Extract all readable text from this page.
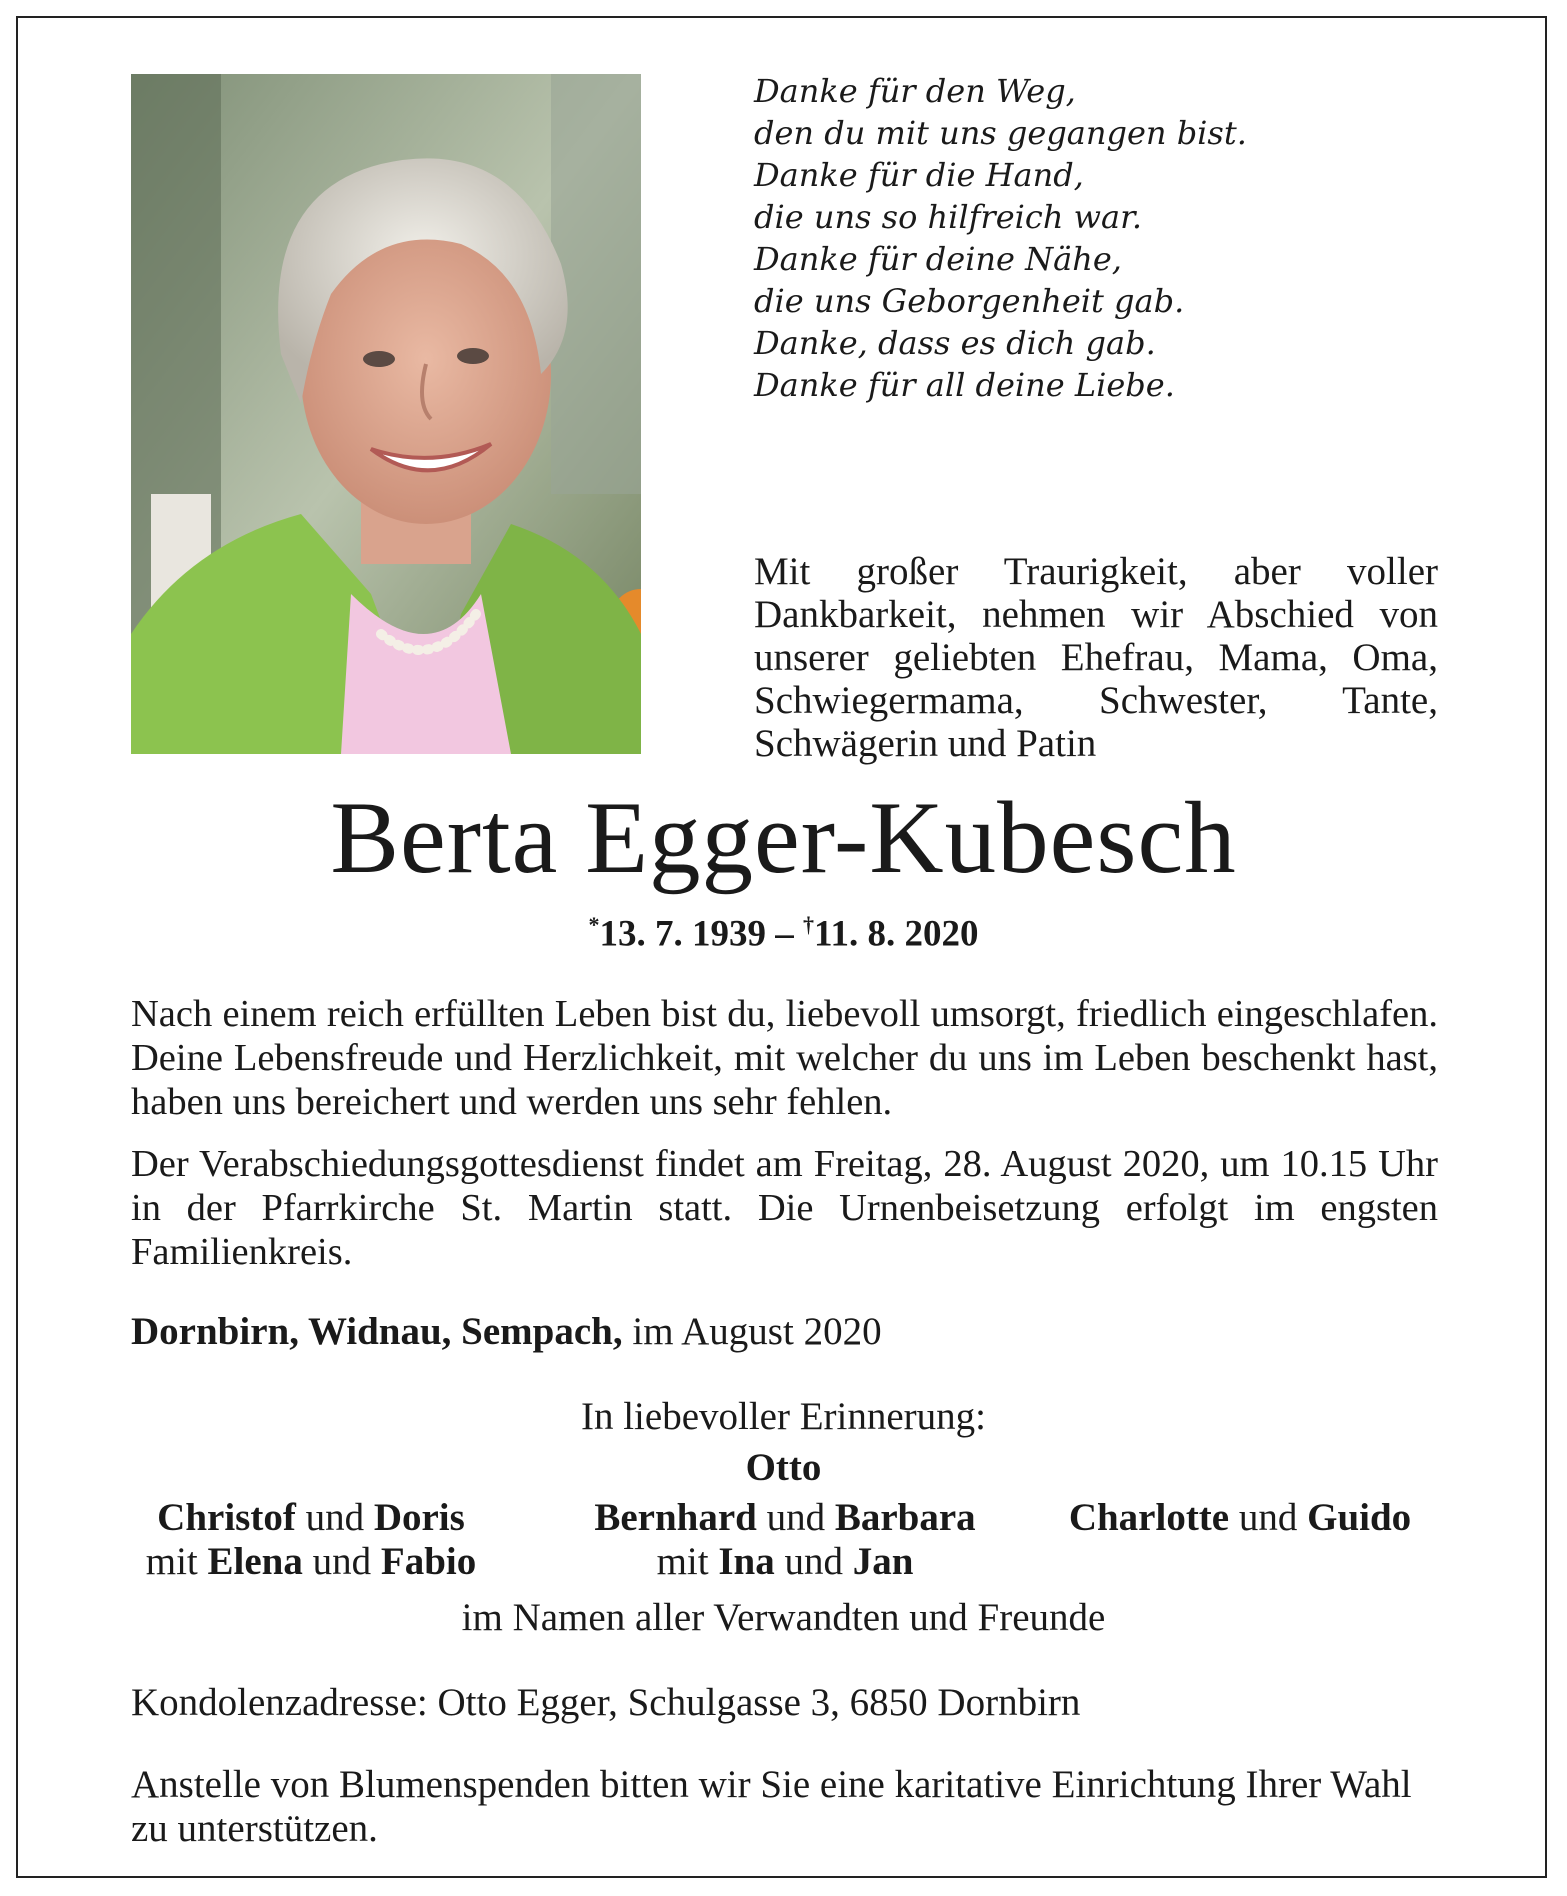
Danke für den Weg,
den du mit uns gegangen bist.
Danke für die Hand,
die uns so hilfreich war.
Danke für deine Nähe,
die uns Geborgenheit gab.
Danke, dass es dich gab.
Danke für all deine Liebe.
Mit großer Traurigkeit, aber voller Dankbarkeit, nehmen wir Abschied von unserer geliebten Ehefrau, Mama, Oma, Schwiegermama, Schwester, Tante, Schwägerin und Patin
Berta Egger-Kubesch
*13. 7. 1939 – †11. 8. 2020

Nach einem reich erfüllten Leben bist du, liebevoll umsorgt, friedlich eingeschlafen. Deine Lebensfreude und Herzlichkeit, mit welcher du uns im Leben beschenkt hast, haben uns bereichert und werden uns sehr fehlen.

Der Verabschiedungsgottesdienst findet am Freitag, 28. August 2020, um 10.15 Uhr in der Pfarrkirche St. Martin statt. Die Urnenbeisetzung erfolgt im engsten Familienkreis.

Dornbirn, Widnau, Sempach, im August 2020
In liebevoller Erinnerung:
Otto
Christof und Doris
mit Elena und Fabio
Bernhard und Barbara
mit Ina und Jan
Charlotte und Guido
im Namen aller Verwandten und Freunde
Kondolenzadresse: Otto Egger, Schulgasse 3, 6850 Dornbirn
Anstelle von Blumenspenden bitten wir Sie eine karitative Einrichtung Ihrer Wahl zu unterstützen.
